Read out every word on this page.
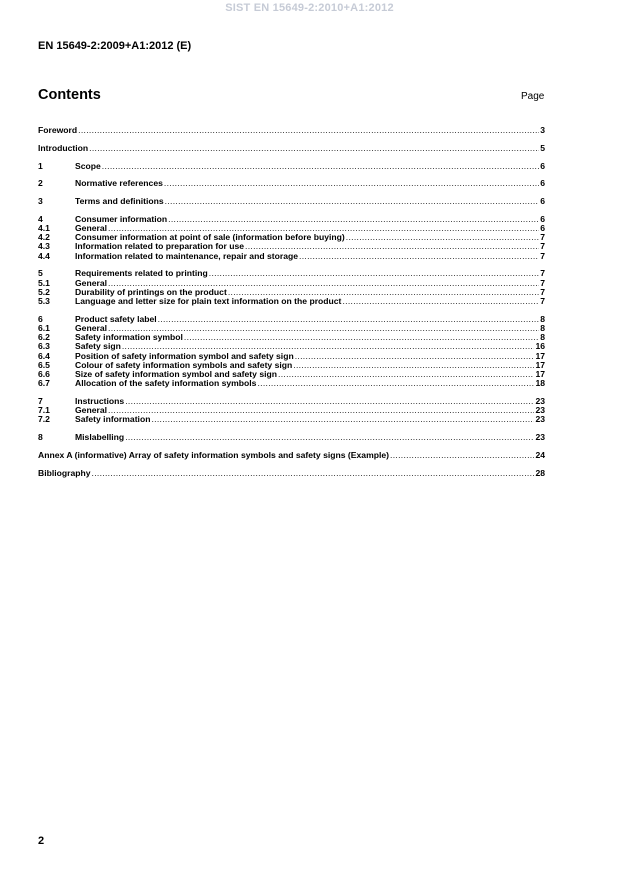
SIST EN 15649-2:2010+A1:2012
EN 15649-2:2009+A1:2012 (E)
Contents	Page
Foreword .....	3
Introduction .....	5
1	Scope .....	6
2	Normative references .....	6
3	Terms and definitions .....	6
4	Consumer information .....	6
4.1	General .....	6
4.2	Consumer information at point of sale (information before buying) .....	7
4.3	Information related to preparation for use .....	7
4.4	Information related to maintenance, repair and storage .....	7
5	Requirements related to printing .....	7
5.1	General .....	7
5.2	Durability of printings on the product .....	7
5.3	Language and letter size for plain text information on the product .....	7
6	Product safety label .....	8
6.1	General .....	8
6.2	Safety information symbol .....	8
6.3	Safety sign .....	16
6.4	Position of safety information symbol and safety sign .....	17
6.5	Colour of safety information symbols and safety sign .....	17
6.6	Size of safety information symbol and safety sign .....	17
6.7	Allocation of the safety information symbols .....	18
7	Instructions .....	23
7.1	General .....	23
7.2	Safety information .....	23
8	Mislabelling .....	23
Annex A (informative) Array of safety information symbols and safety signs (Example) .....	24
Bibliography .....	28
2
